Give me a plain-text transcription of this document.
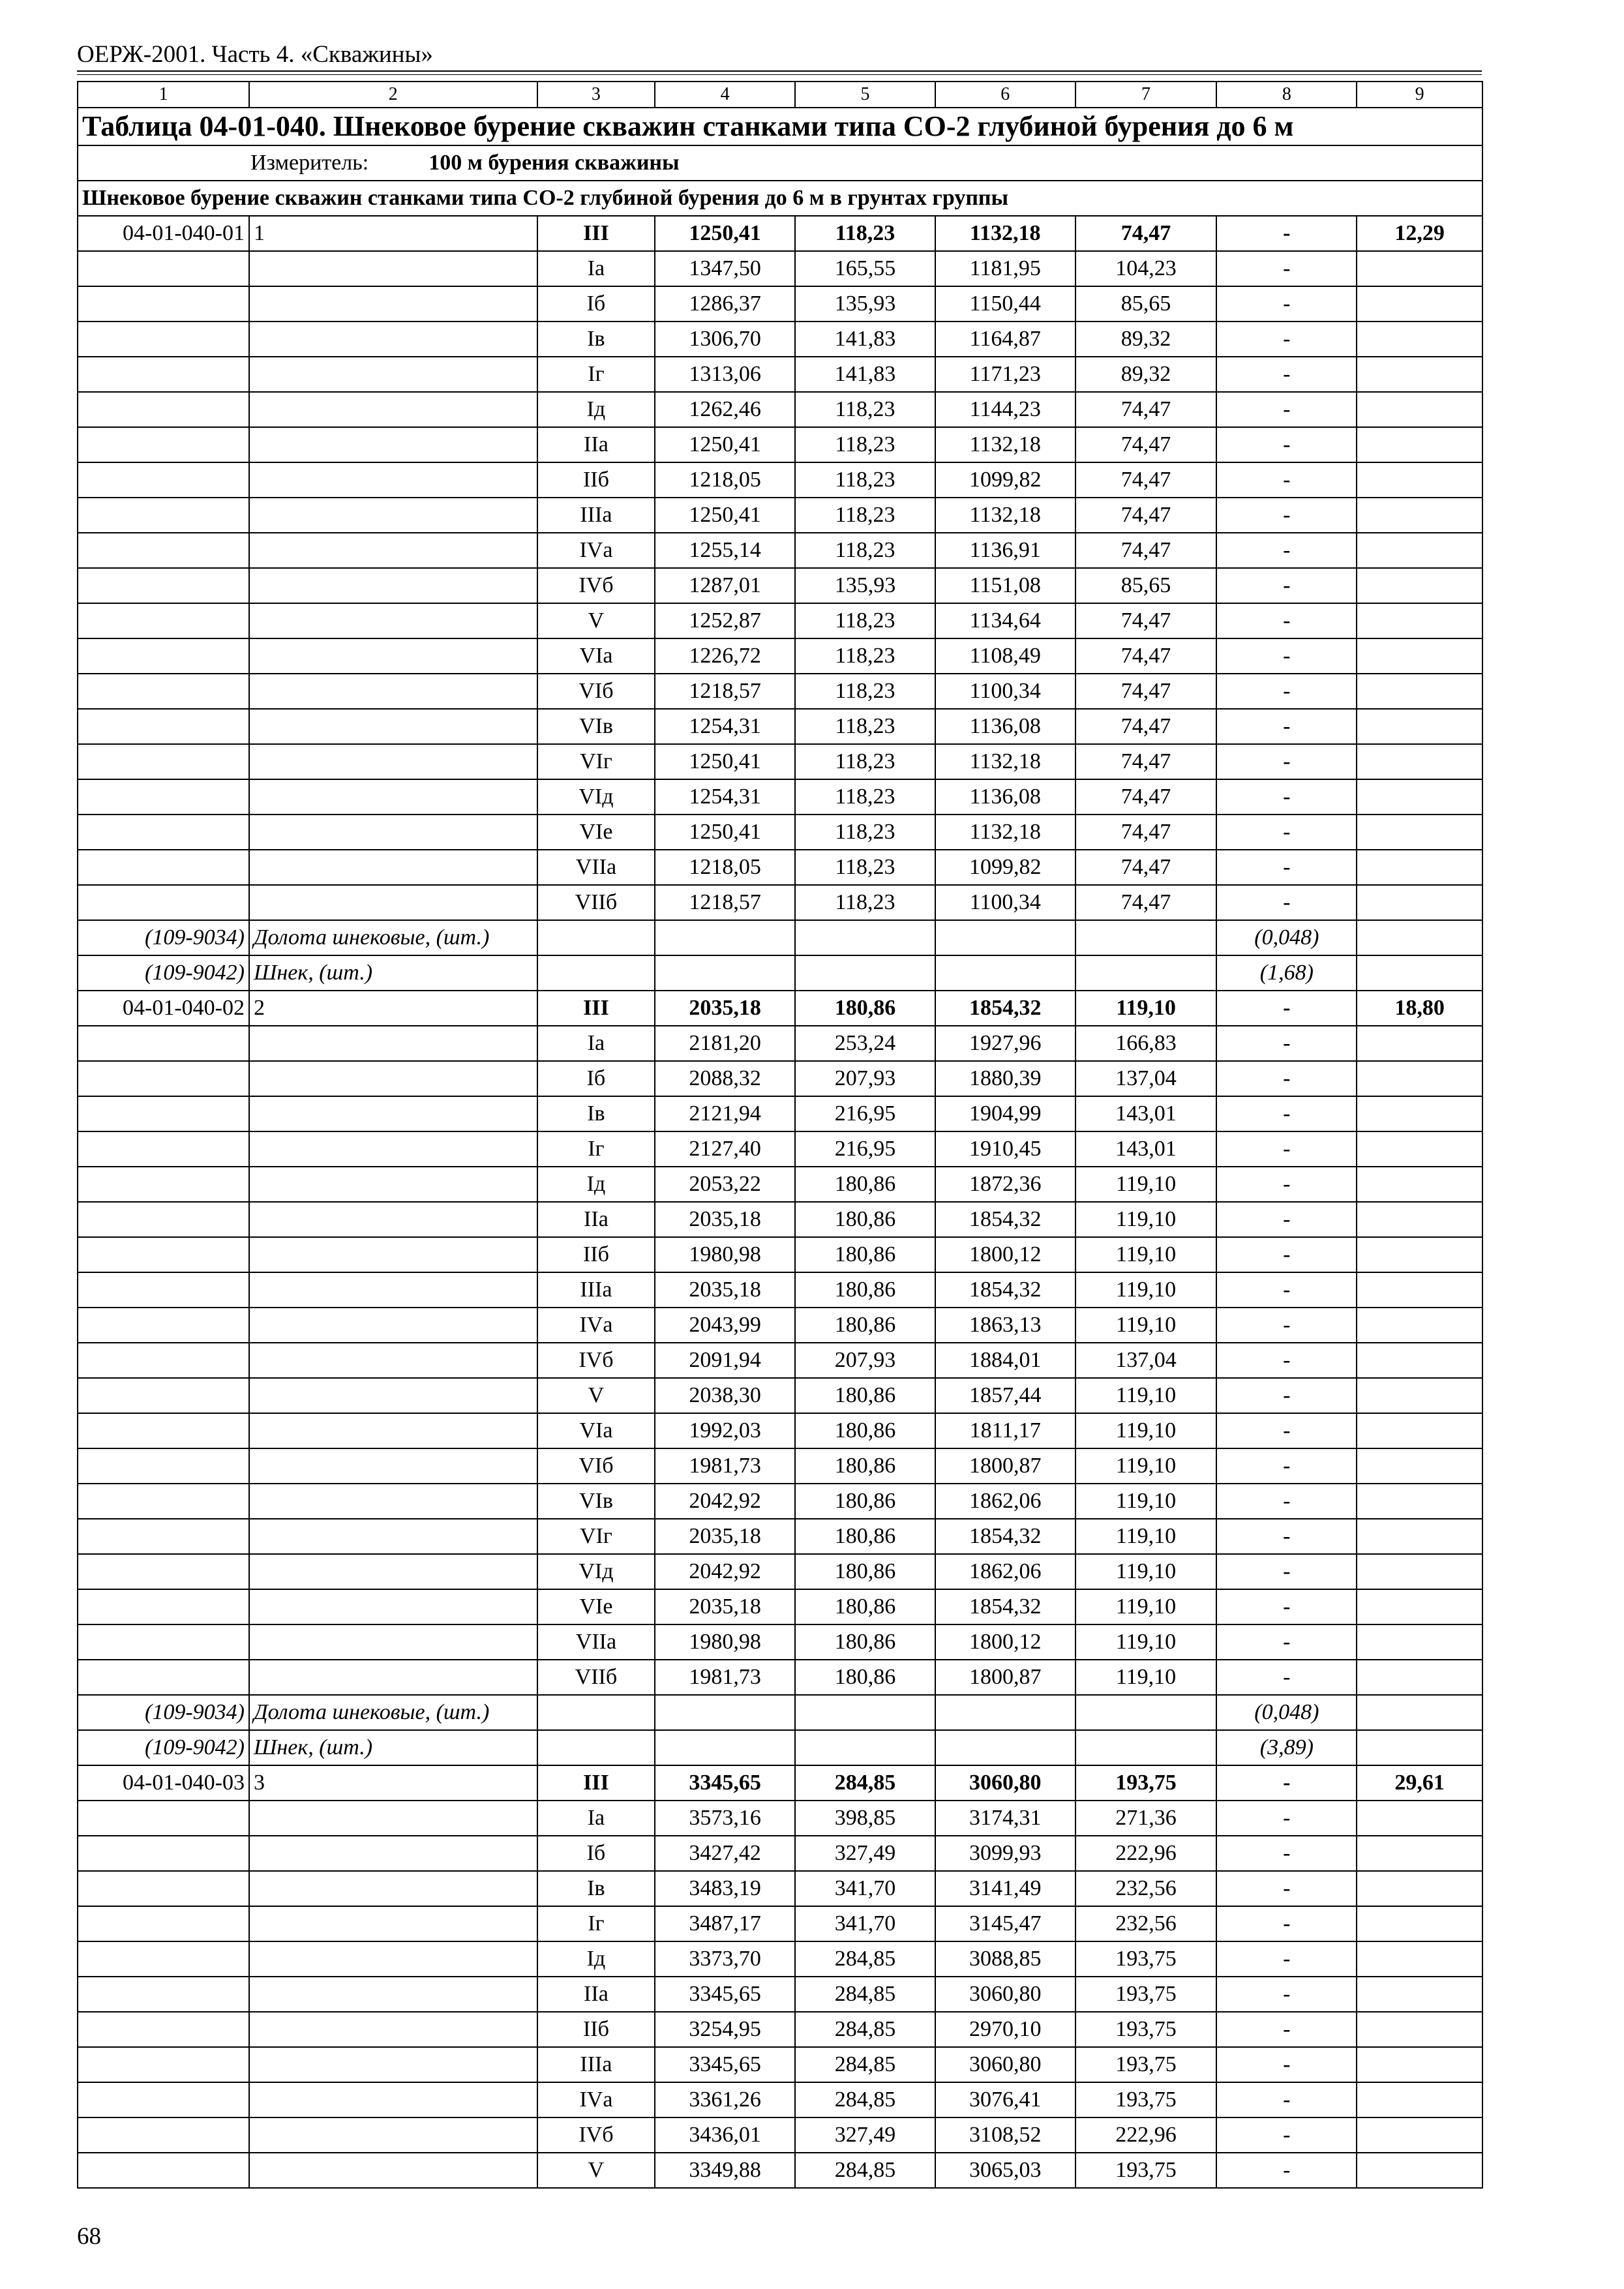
ОЕРЖ-2001. Часть 4. «Скважины»
1	2	3	4	5	6	7	8	9
Таблица 04-01-040. Шнековое бурение скважин станками типа СО-2 глубиной бурения до 6 м								
Измеритель: 100 м бурения скважины								
Шнековое бурение скважин станками типа СО-2 глубиной бурения до 6 м в грунтах группы								
04-01-040-01	1	III	1250,41	118,23	1132,18	74,47	-	12,29
		Iа	1347,50	165,55	1181,95	104,23	-	
		Iб	1286,37	135,93	1150,44	85,65	-	
		Iв	1306,70	141,83	1164,87	89,32	-	
		Iг	1313,06	141,83	1171,23	89,32	-	
		Iд	1262,46	118,23	1144,23	74,47	-	
		IIа	1250,41	118,23	1132,18	74,47	-	
		IIб	1218,05	118,23	1099,82	74,47	-	
		IIIа	1250,41	118,23	1132,18	74,47	-	
		IVа	1255,14	118,23	1136,91	74,47	-	
		IVб	1287,01	135,93	1151,08	85,65	-	
		V	1252,87	118,23	1134,64	74,47	-	
		VIа	1226,72	118,23	1108,49	74,47	-	
		VIб	1218,57	118,23	1100,34	74,47	-	
		VIв	1254,31	118,23	1136,08	74,47	-	
		VIг	1250,41	118,23	1132,18	74,47	-	
		VIд	1254,31	118,23	1136,08	74,47	-	
		VIе	1250,41	118,23	1132,18	74,47	-	
		VIIа	1218,05	118,23	1099,82	74,47	-	
		VIIб	1218,57	118,23	1100,34	74,47	-	
(109-9034)	Долота шнековые, (шт.)						(0,048)	
(109-9042)	Шнек, (шт.)						(1,68)	
04-01-040-02	2	III	2035,18	180,86	1854,32	119,10	-	18,80
		Iа	2181,20	253,24	1927,96	166,83	-	
		Iб	2088,32	207,93	1880,39	137,04	-	
		Iв	2121,94	216,95	1904,99	143,01	-	
		Iг	2127,40	216,95	1910,45	143,01	-	
		Iд	2053,22	180,86	1872,36	119,10	-	
		IIа	2035,18	180,86	1854,32	119,10	-	
		IIб	1980,98	180,86	1800,12	119,10	-	
		IIIа	2035,18	180,86	1854,32	119,10	-	
		IVа	2043,99	180,86	1863,13	119,10	-	
		IVб	2091,94	207,93	1884,01	137,04	-	
		V	2038,30	180,86	1857,44	119,10	-	
		VIа	1992,03	180,86	1811,17	119,10	-	
		VIб	1981,73	180,86	1800,87	119,10	-	
		VIв	2042,92	180,86	1862,06	119,10	-	
		VIг	2035,18	180,86	1854,32	119,10	-	
		VIд	2042,92	180,86	1862,06	119,10	-	
		VIе	2035,18	180,86	1854,32	119,10	-	
		VIIа	1980,98	180,86	1800,12	119,10	-	
		VIIб	1981,73	180,86	1800,87	119,10	-	
(109-9034)	Долота шнековые, (шт.)						(0,048)	
(109-9042)	Шнек, (шт.)						(3,89)	
04-01-040-03	3	III	3345,65	284,85	3060,80	193,75	-	29,61
		Iа	3573,16	398,85	3174,31	271,36	-	
		Iб	3427,42	327,49	3099,93	222,96	-	
		Iв	3483,19	341,70	3141,49	232,56	-	
		Iг	3487,17	341,70	3145,47	232,56	-	
		Iд	3373,70	284,85	3088,85	193,75	-	
		IIа	3345,65	284,85	3060,80	193,75	-	
		IIб	3254,95	284,85	2970,10	193,75	-	
		IIIа	3345,65	284,85	3060,80	193,75	-	
		IVа	3361,26	284,85	3076,41	193,75	-	
		IVб	3436,01	327,49	3108,52	222,96	-	
		V	3349,88	284,85	3065,03	193,75	-	
68
